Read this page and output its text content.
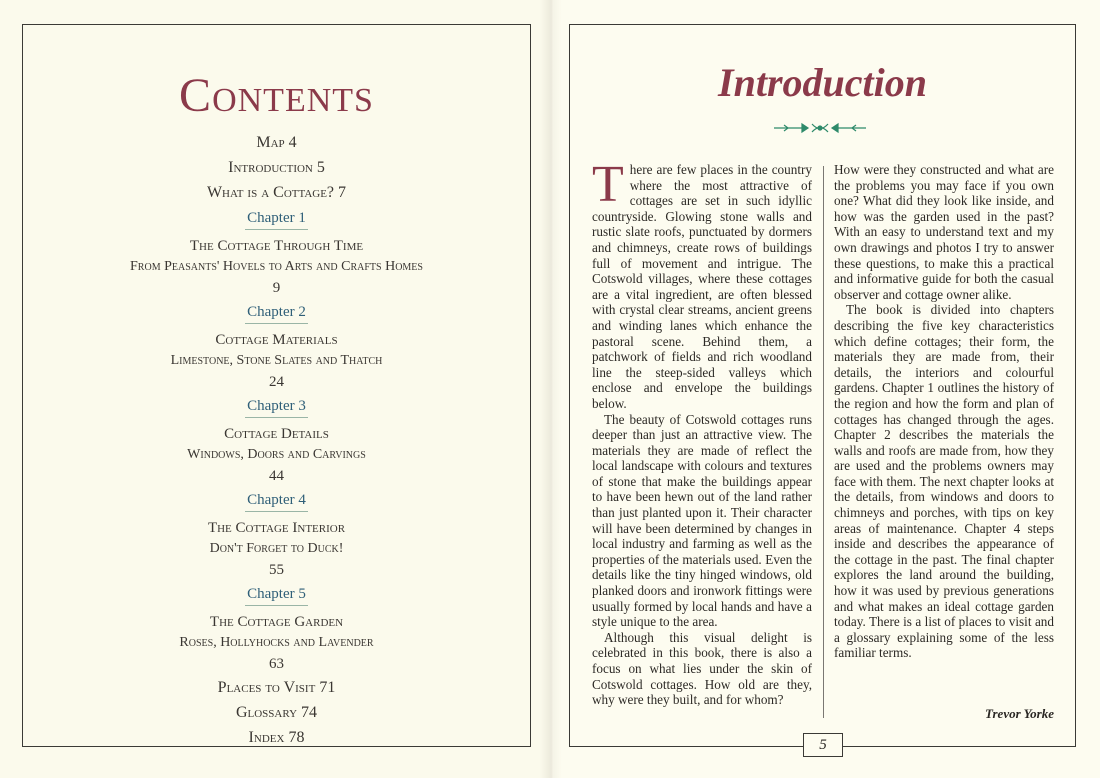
Contents
Map 4
Introduction 5
What is a Cottage? 7
Chapter 1
The Cottage Through Time
From Peasants' Hovels to Arts and Crafts Homes
9
Chapter 2
Cottage Materials
Limestone, Stone Slates and Thatch
24
Chapter 3
Cottage Details
Windows, Doors and Carvings
44
Chapter 4
The Cottage Interior
Don't Forget to Duck!
55
Chapter 5
The Cottage Garden
Roses, Hollyhocks and Lavender
63
Places to Visit 71
Glossary 74
Index 78
Introduction
T here are few places in the country where the most attractive of cottages are set in such idyllic countryside. Glowing stone walls and rustic slate roofs, punctuated by dormers and chimneys, create rows of buildings full of movement and intrigue. The Cotswold villages, where these cottages are a vital ingredient, are often blessed with crystal clear streams, ancient greens and winding lanes which enhance the pastoral scene. Behind them, a patchwork of fields and rich woodland line the steep-sided valleys which enclose and envelope the buildings below.

The beauty of Cotswold cottages runs deeper than just an attractive view. The materials they are made of reflect the local landscape with colours and textures of stone that make the buildings appear to have been hewn out of the land rather than just planted upon it. Their character will have been determined by changes in local industry and farming as well as the properties of the materials used. Even the details like the tiny hinged windows, old planked doors and ironwork fittings were usually formed by local hands and have a style unique to the area.

Although this visual delight is celebrated in this book, there is also a focus on what lies under the skin of Cotswold cottages. How old are they, why were they built, and for whom?

How were they constructed and what are the problems you may face if you own one? What did they look like inside, and how was the garden used in the past? With an easy to understand text and my own drawings and photos I try to answer these questions, to make this a practical and informative guide for both the casual observer and cottage owner alike.

The book is divided into chapters describing the five key characteristics which define cottages; their form, the materials they are made from, their details, the interiors and colourful gardens. Chapter 1 outlines the history of the region and how the form and plan of cottages has changed through the ages. Chapter 2 describes the materials the walls and roofs are made from, how they are used and the problems owners may face with them. The next chapter looks at the details, from windows and doors to chimneys and porches, with tips on key areas of maintenance. Chapter 4 steps inside and describes the appearance of the cottage in the past. The final chapter explores the land around the building, how it was used by previous generations and what makes an ideal cottage garden today. There is a list of places to visit and a glossary explaining some of the less familiar terms.

Trevor Yorke
5
